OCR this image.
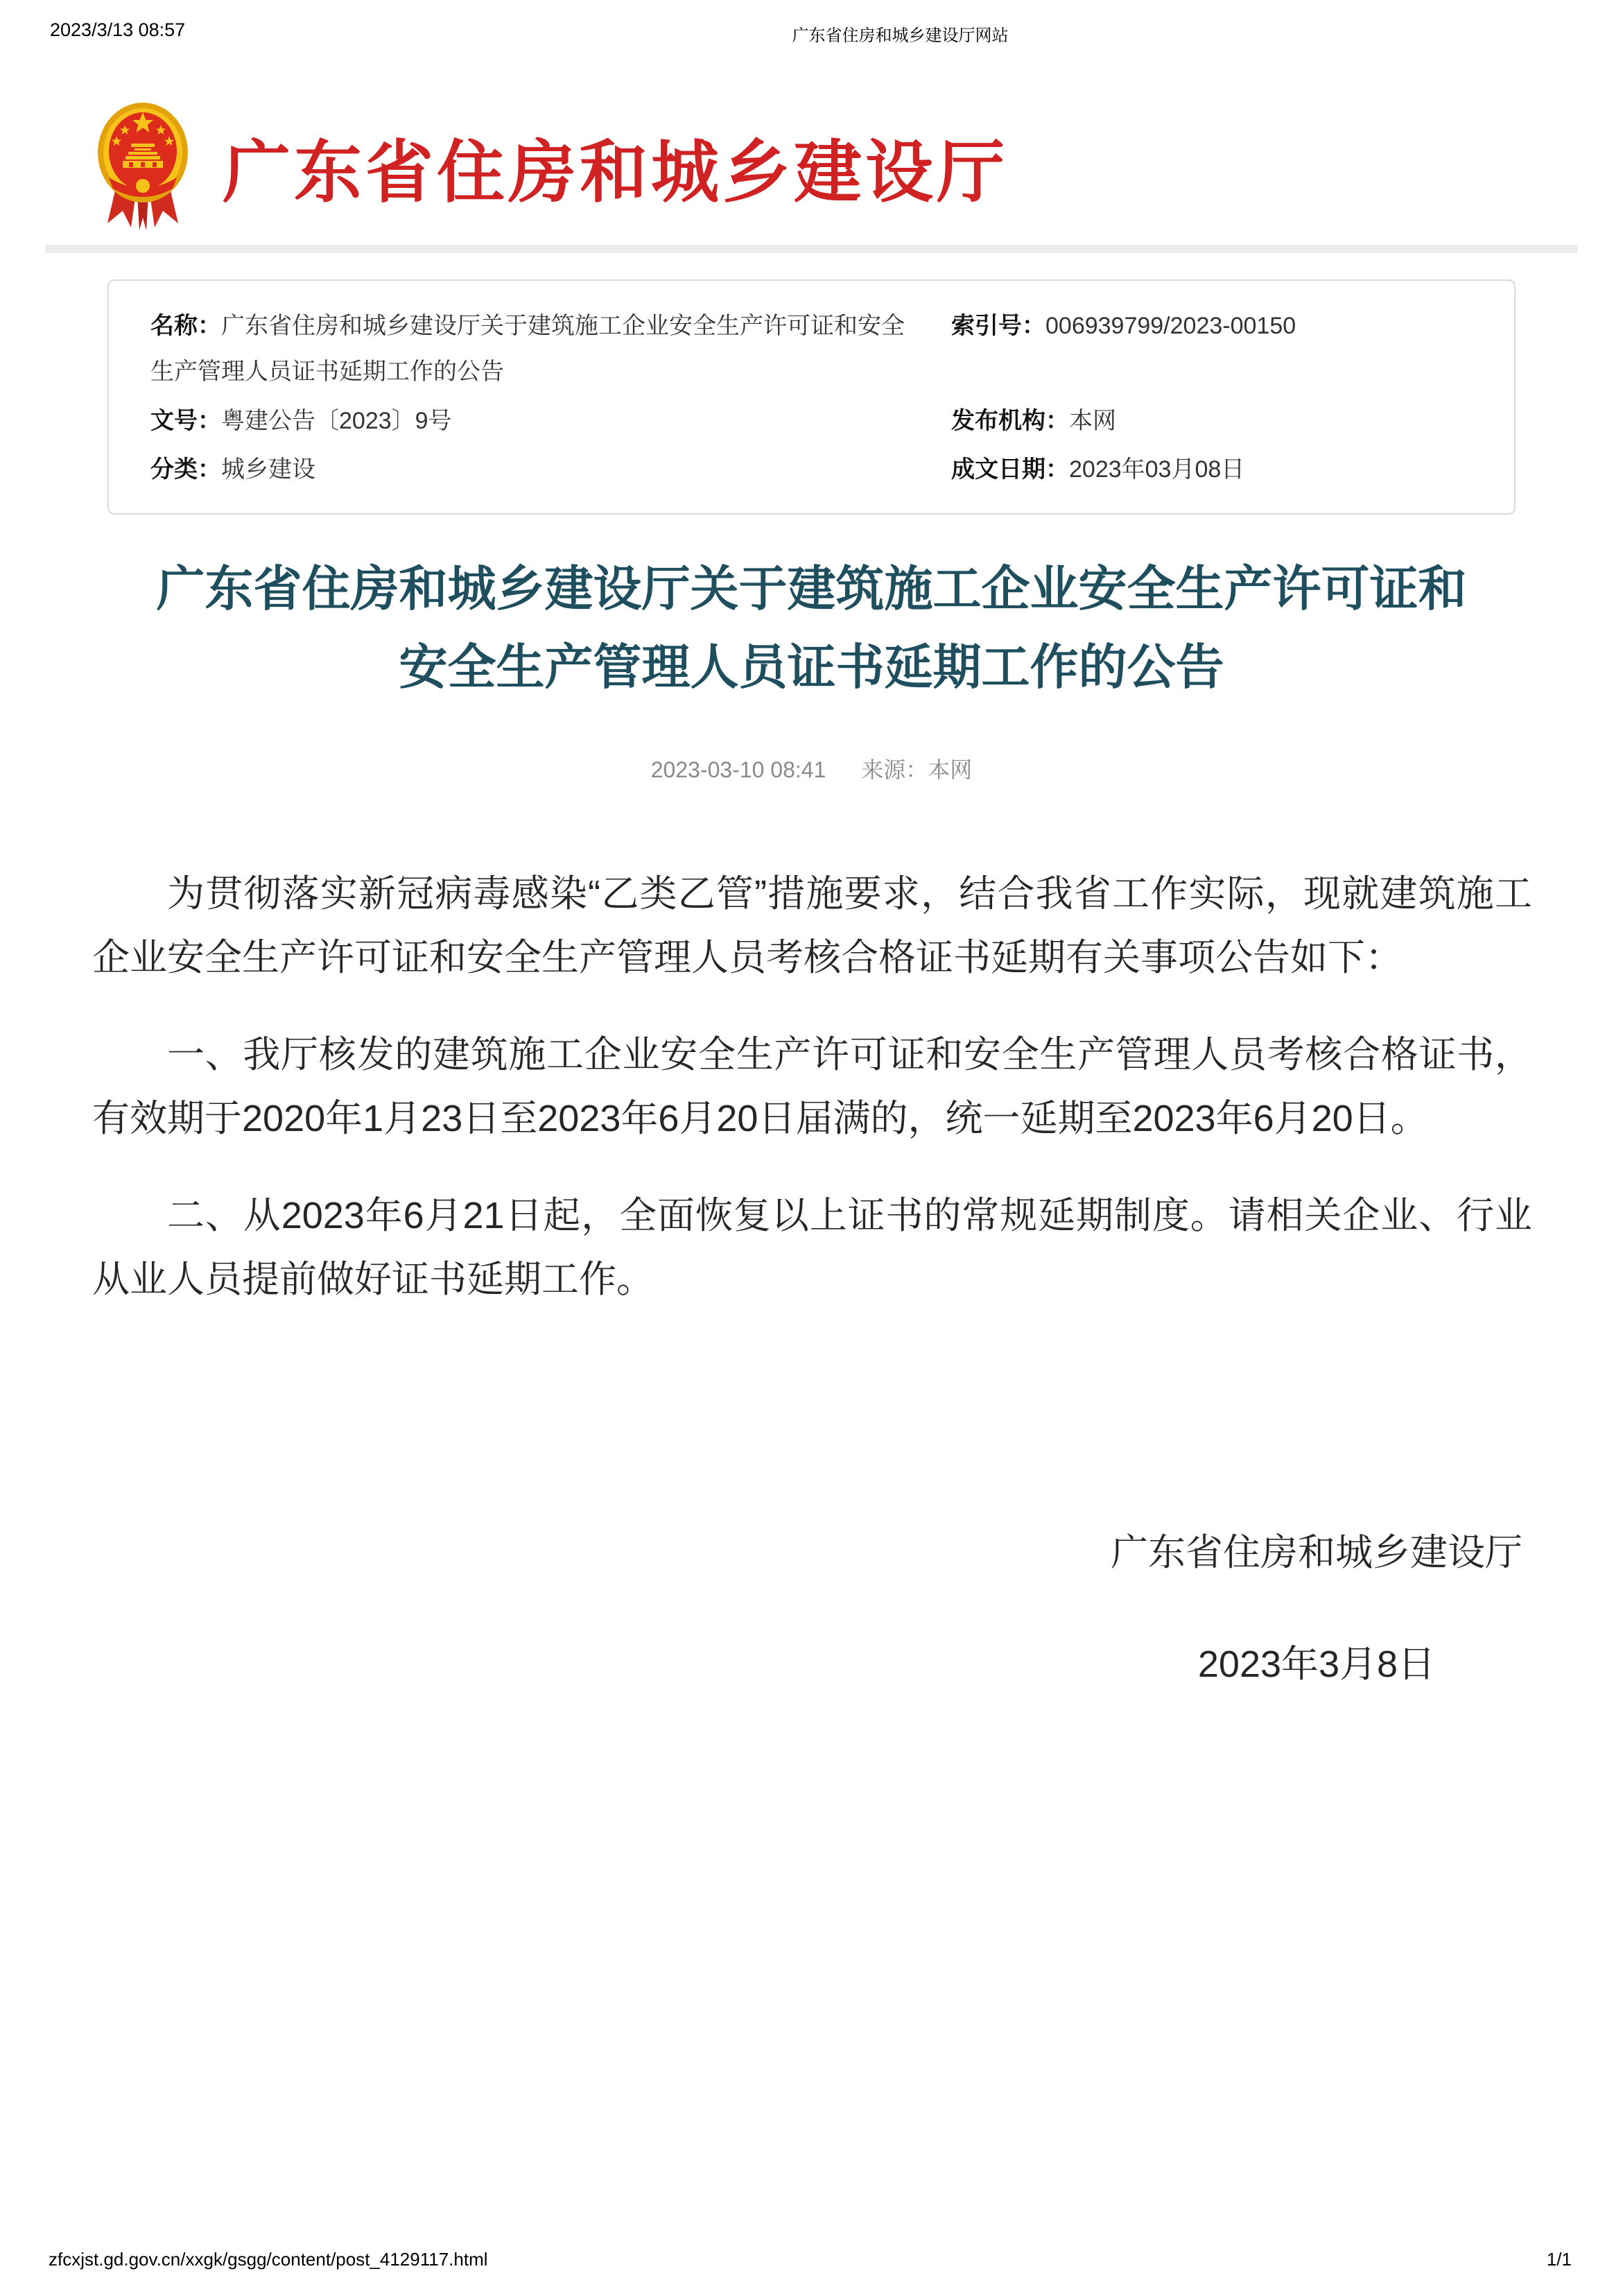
2023/3/13 08:57	广东省住房和城乡建设厅网站
广东省住房和城乡建设厅
名称：广东省住房和城乡建设厅关于建筑施工企业安全生产许可证和安全生产管理人员证书延期工作的公告
索引号：006939799/2023-00150
文号：粤建公告〔2023〕9号	发布机构：本网
分类：城乡建设	成文日期：2023年03月08日
广东省住房和城乡建设厅关于建筑施工企业安全生产许可证和
安全生产管理人员证书延期工作的公告
2023-03-10 08:41 来源：本网

为贯彻落实新冠病毒感染“乙类乙管”措施要求，结合我省工作实际，现就建筑施工企业安全生产许可证和安全生产管理人员考核合格证书延期有关事项公告如下：

一、我厅核发的建筑施工企业安全生产许可证和安全生产管理人员考核合格证书，有效期于2020年1月23日至2023年6月20日届满的，统一延期至2023年6月20日。

二、从2023年6月21日起，全面恢复以上证书的常规延期制度。请相关企业、行业从业人员提前做好证书延期工作。

广东省住房和城乡建设厅
2023年3月8日
zfcxjst.gd.gov.cn/xxgk/gsgg/content/post_4129117.html	1/1
